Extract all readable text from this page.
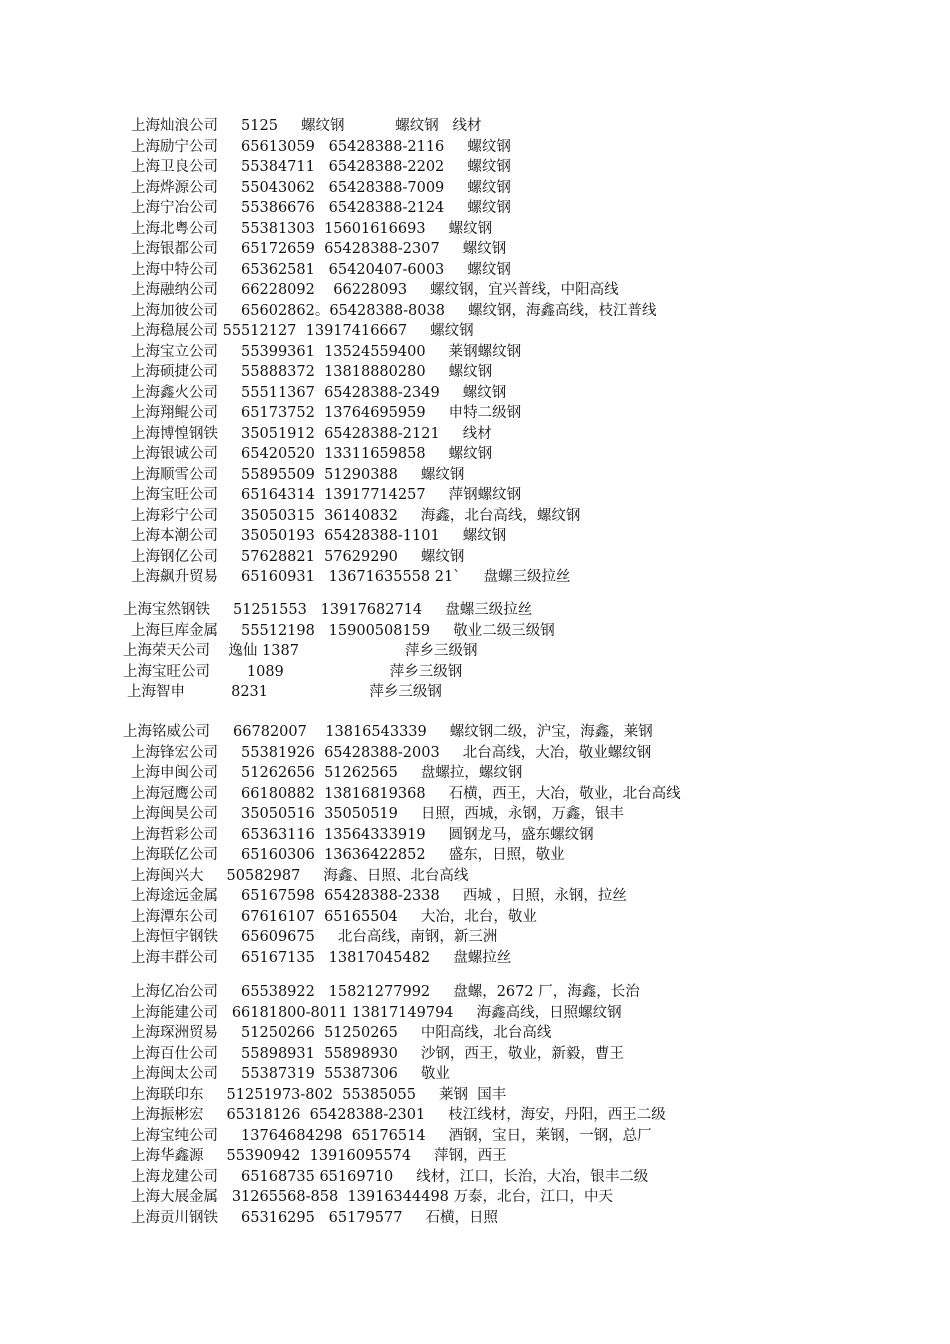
上海灿浪公司     5125     螺纹钢           螺纹钢   线材
上海励宁公司     65613059   65428388-2116     螺纹钢
上海卫良公司     55384711   65428388-2202     螺纹钢
上海烨源公司     55043062   65428388-7009     螺纹钢
上海宁冶公司     55386676   65428388-2124     螺纹钢
上海北粤公司     55381303  15601616693     螺纹钢
上海银都公司     65172659  65428388-2307     螺纹钢
上海中特公司     65362581   65420407-6003     螺纹钢
上海融纳公司     66228092    66228093     螺纹钢，宜兴普线，中阳高线
上海加彼公司     65602862。65428388-8038     螺纹钢，海鑫高线，枝江普线
上海稳展公司 55512127  13917416667     螺纹钢
上海宝立公司     55399361  13524559400     莱钢螺纹钢
上海硕捷公司     55888372  13818880280     螺纹钢
上海鑫火公司     55511367  65428388-2349     螺纹钢
上海翔鲲公司     65173752  13764695959     申特二级钢
上海博惶钢铁     35051912  65428388-2121     线材
上海银诚公司     65420520  13311659858     螺纹钢
上海顺雪公司     55895509  51290388     螺纹钢
上海宝旺公司     65164314  13917714257     萍钢螺纹钢
上海彩宁公司     35050315  36140832     海鑫，北台高线，螺纹钢
上海本潮公司     35050193  65428388-1101     螺纹钢
上海钢亿公司     57628821  57629290     螺纹钢
上海飙升贸易     65160931   13671635558 21`     盘螺三级拉丝
上海宝然钢铁     51251553   13917682714     盘螺三级拉丝
上海巨库金属     55512198   15900508159     敬业二级三级钢
上海荣天公司    逸仙 1387                       萍乡三级钢
上海宝旺公司        1089                       萍乡三级钢
上海智申          8231                      萍乡三级钢
上海铭威公司     66782007    13816543339     螺纹钢二级，沪宝，海鑫，莱钢
上海锋宏公司     55381926  65428388-2003     北台高线，大冶，敬业螺纹钢
上海申闽公司     51262656  51262565     盘螺拉，螺纹钢
上海冠鹰公司     66180882  13816819368     石横，西王，大冶，敬业，北台高线
上海闽昊公司     35050516  35050519     日照，西城，永钢，万鑫，银丰
上海哲彩公司     65363116  13564333919     圆钢龙马，盛东螺纹钢
上海联亿公司     65160306  13636422852     盛东，日照，敬业
上海闽兴大     50582987     海鑫、日照、北台高线
上海途远金属     65167598  65428388-2338     西城 ，日照，永钢，拉丝
上海潭东公司     67616107  65165504     大冶，北台，敬业
上海恒宇钢铁     65609675     北台高线，南钢，新三洲
上海丰群公司     65167135   13817045482     盘螺拉丝
上海亿冶公司     65538922   15821277992     盘螺，2672 厂，海鑫，长治
上海能建公司   66181800-8011 13817149794     海鑫高线，日照螺纹钢
上海琛洲贸易     51250266  51250265     中阳高线，北台高线
上海百仕公司     55898931  55898930     沙钢，西王，敬业，新毅，曹王
上海闽太公司     55387319  55387306     敬业
上海联印东     51251973-802  55385055     莱钢  国丰
上海振彬宏     65318126  65428388-2301     枝江线材，海安，丹阳，西王二级
上海宝纯公司     13764684298  65176514     酒钢，宝日，莱钢，一钢，总厂
上海华鑫源     55390942  13916095574     萍钢，西王
上海龙建公司     65168735 65169710     线材，江口，长治，大冶，银丰二级
上海大展金属   31265568-858  13916344498 万泰，北台，江口，中天
上海贡川钢铁     65316295   65179577     石横，日照
